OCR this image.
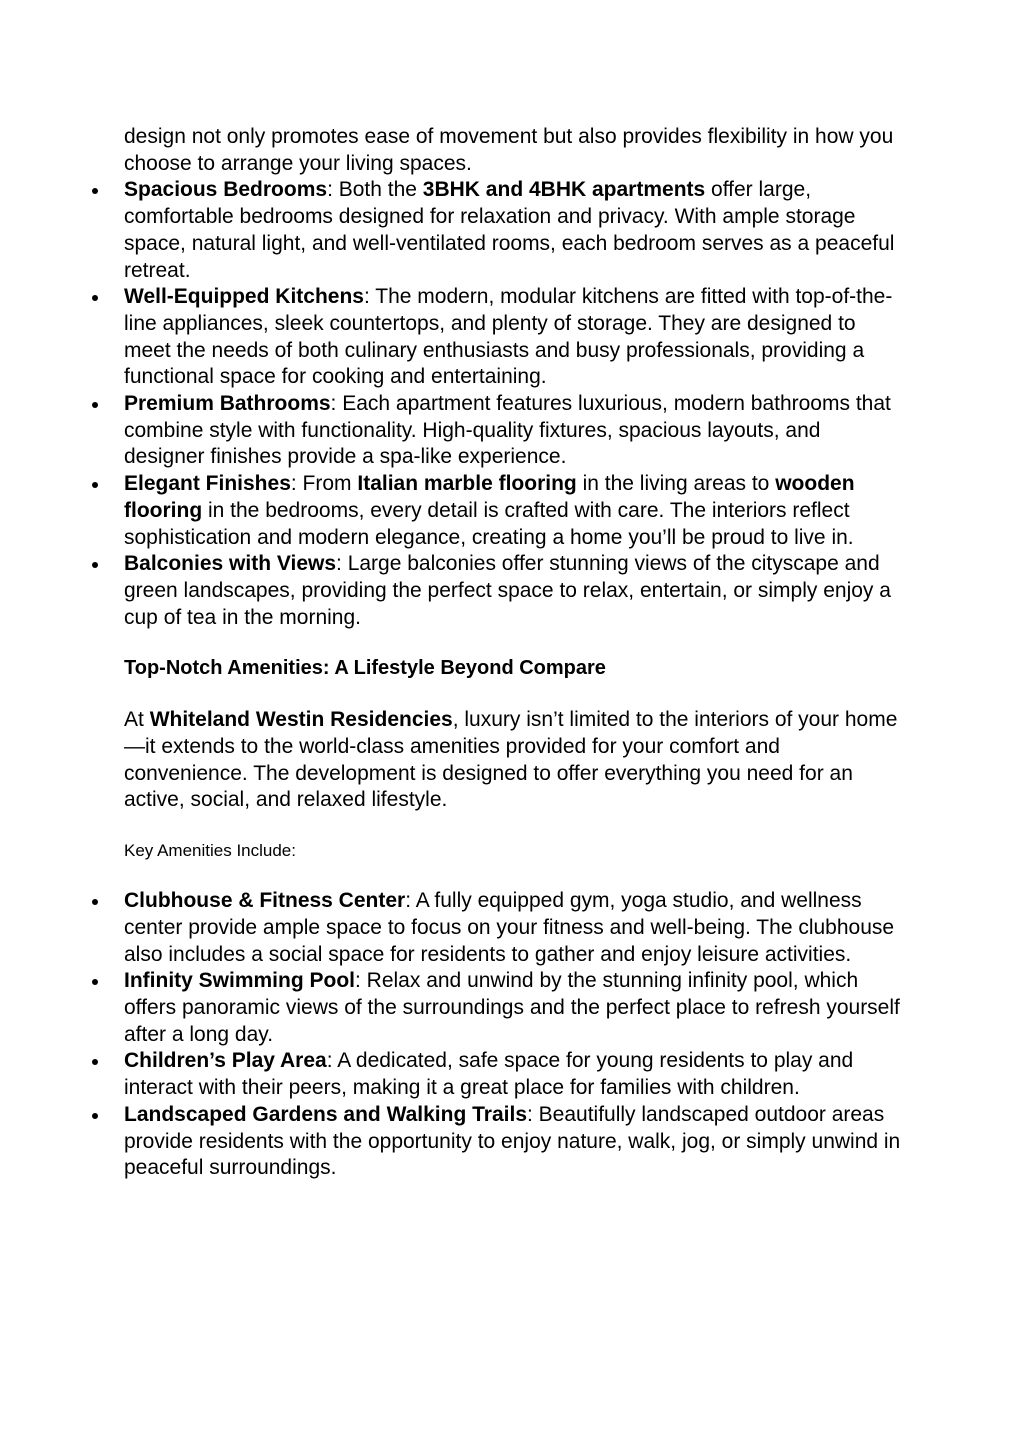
design not only promotes ease of movement but also provides flexibility in how you choose to arrange your living spaces.

Spacious Bedrooms: Both the 3BHK and 4BHK apartments offer large, comfortable bedrooms designed for relaxation and privacy. With ample storage space, natural light, and well-ventilated rooms, each bedroom serves as a peaceful retreat.
Well-Equipped Kitchens: The modern, modular kitchens are fitted with top-of-the-line appliances, sleek countertops, and plenty of storage. They are designed to meet the needs of both culinary enthusiasts and busy professionals, providing a functional space for cooking and entertaining.
Premium Bathrooms: Each apartment features luxurious, modern bathrooms that combine style with functionality. High-quality fixtures, spacious layouts, and designer finishes provide a spa-like experience.
Elegant Finishes: From Italian marble flooring in the living areas to wooden flooring in the bedrooms, every detail is crafted with care. The interiors reflect sophistication and modern elegance, creating a home you’ll be proud to live in.
Balconies with Views: Large balconies offer stunning views of the cityscape and green landscapes, providing the perfect space to relax, entertain, or simply enjoy a cup of tea in the morning.

Top-Notch Amenities: A Lifestyle Beyond Compare

At Whiteland Westin Residencies, luxury isn’t limited to the interiors of your home—it extends to the world-class amenities provided for your comfort and convenience. The development is designed to offer everything you need for an active, social, and relaxed lifestyle.

Key Amenities Include:

Clubhouse & Fitness Center: A fully equipped gym, yoga studio, and wellness center provide ample space to focus on your fitness and well-being. The clubhouse also includes a social space for residents to gather and enjoy leisure activities.
Infinity Swimming Pool: Relax and unwind by the stunning infinity pool, which offers panoramic views of the surroundings and the perfect place to refresh yourself after a long day.
Children’s Play Area: A dedicated, safe space for young residents to play and interact with their peers, making it a great place for families with children.
Landscaped Gardens and Walking Trails: Beautifully landscaped outdoor areas provide residents with the opportunity to enjoy nature, walk, jog, or simply unwind in peaceful surroundings.
